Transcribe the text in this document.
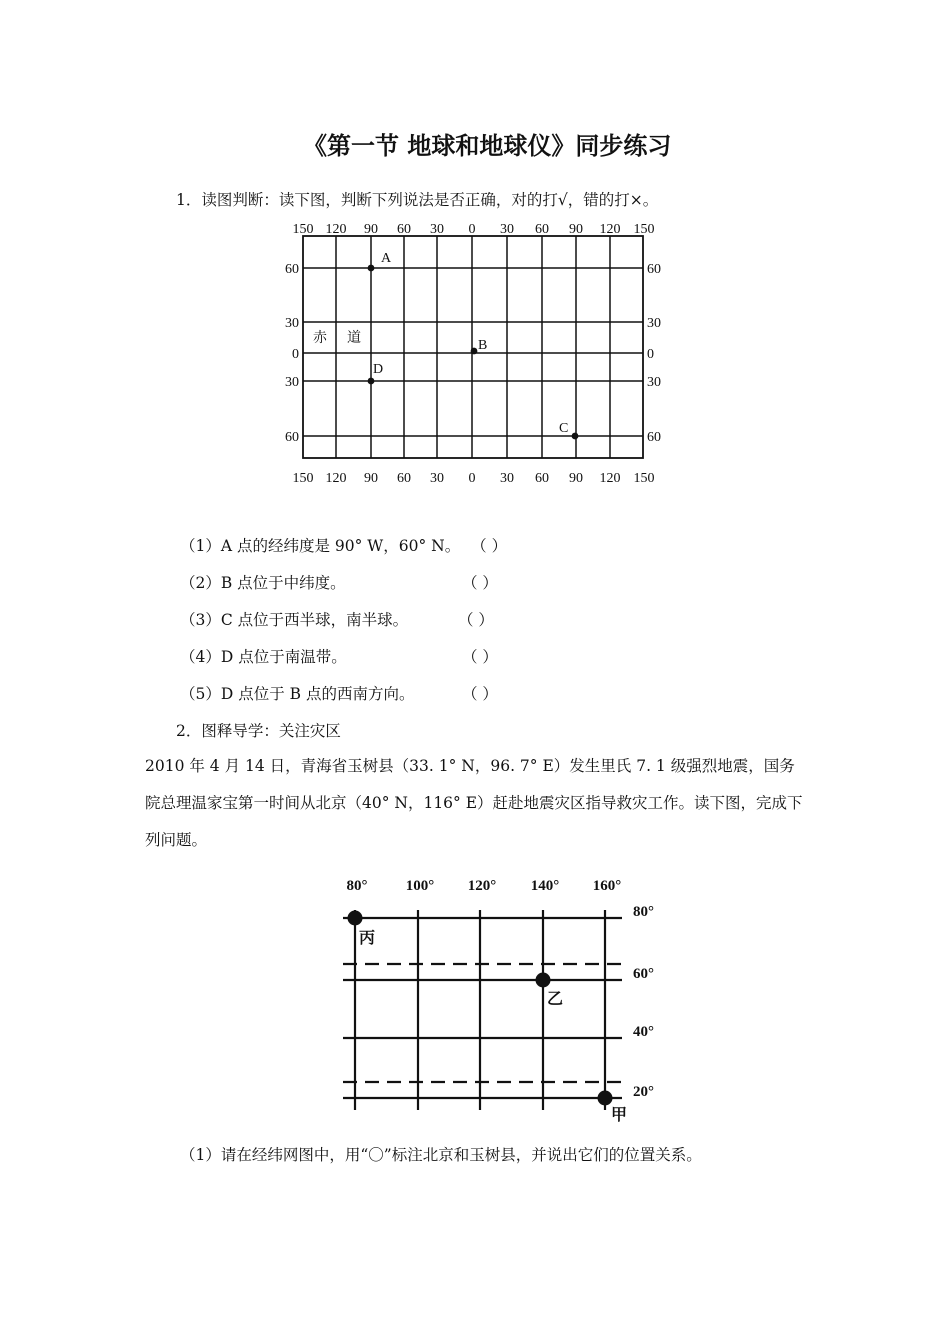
《第一节 地球和地球仪》同步练习
1．读图判断：读下图，判断下列说法是否正确，对的打√，错的打×。
150 120 90 60 30 0 30 60 90 120 150
150 120 90 60 30 0 30 60 90 120 150
60
30
0
30
60
60
30
0
30
60
赤 道
A
B
C
D
（1）A 点的经纬度是 90° W，60° N。 （ ）
（2）B 点位于中纬度。	（ ）
（3）C 点位于西半球，南半球。	（ ）
（4）D 点位于南温带。	（ ）
（5）D 点位于 B 点的西南方向。	（ ）
2．图释导学：关注灾区
2010 年 4 月 14 日，青海省玉树县（33. 1° N，96. 7° E）发生里氏 7. 1 级强烈地震，国务院总理温家宝第一时间从北京（40° N，116° E）赶赴地震灾区指导救灾工作。读下图，完成下列问题。
80°	100° 120° 140° 160°
80°
60°
40°
20°
丙
乙
甲
（1）请在经纬网图中，用“〇”标注北京和玉树县，并说出它们的位置关系。
